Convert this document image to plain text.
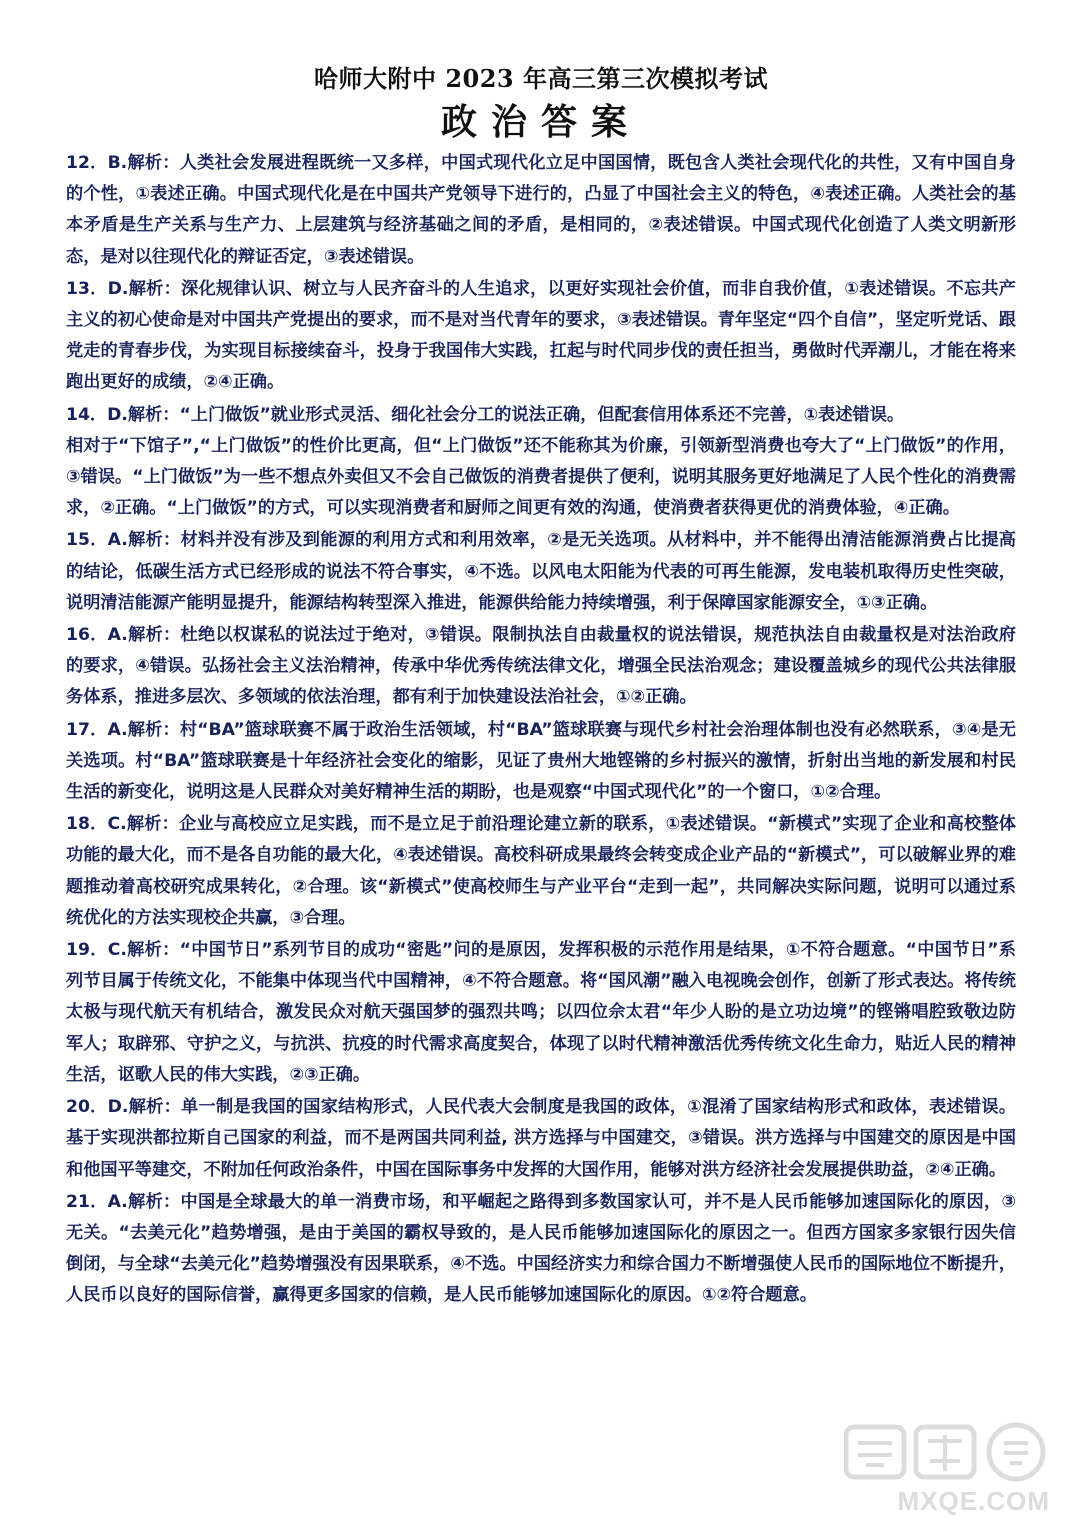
哈师大附中 2023 年高三第三次模拟考试
政治答案

12．B.解析：人类社会发展进程既统一又多样，中国式现代化立足中国国情，既包含人类社会现代化的共性，又有中国自身的个性，①表述正确。中国式现代化是在中国共产党领导下进行的，凸显了中国社会主义的特色，④表述正确。人类社会的基本矛盾是生产关系与生产力、上层建筑与经济基础之间的矛盾，是相同的，②表述错误。中国式现代化创造了人类文明新形态，是对以往现代化的辩证否定，③表述错误。

13．D.解析：深化规律认识、树立与人民齐奋斗的人生追求，以更好实现社会价值，而非自我价值，①表述错误。不忘共产主义的初心使命是对中国共产党提出的要求，而不是对当代青年的要求，③表述错误。青年坚定“四个自信”，坚定听党话、跟党走的青春步伐，为实现目标接续奋斗，投身于我国伟大实践，扛起与时代同步伐的责任担当，勇做时代弄潮儿，才能在将来跑出更好的成绩，②④正确。

14．D.解析：“上门做饭”就业形式灵活、细化社会分工的说法正确，但配套信用体系还不完善，①表述错误。

相对于“下馆子”,“上门做饭”的性价比更高，但“上门做饭”还不能称其为价廉，引领新型消费也夸大了“上门做饭”的作用，③错误。“上门做饭”为一些不想点外卖但又不会自己做饭的消费者提供了便利，说明其服务更好地满足了人民个性化的消费需求，②正确。“上门做饭”的方式，可以实现消费者和厨师之间更有效的沟通，使消费者获得更优的消费体验，④正确。

15．A.解析：材料并没有涉及到能源的利用方式和利用效率，②是无关选项。从材料中，并不能得出清洁能源消费占比提高的结论，低碳生活方式已经形成的说法不符合事实，④不选。以风电太阳能为代表的可再生能源，发电装机取得历史性突破，说明清洁能源产能明显提升，能源结构转型深入推进，能源供给能力持续增强，利于保障国家能源安全，①③正确。

16．A.解析：杜绝以权谋私的说法过于绝对，③错误。限制执法自由裁量权的说法错误，规范执法自由裁量权是对法治政府的要求，④错误。弘扬社会主义法治精神，传承中华优秀传统法律文化，增强全民法治观念；建设覆盖城乡的现代公共法律服务体系，推进多层次、多领域的依法治理，都有利于加快建设法治社会，①②正确。

17．A.解析：村“BA”篮球联赛不属于政治生活领域，村“BA”篮球联赛与现代乡村社会治理体制也没有必然联系，③④是无关选项。村“BA”篮球联赛是十年经济社会变化的缩影，见证了贵州大地铿锵的乡村振兴的激情，折射出当地的新发展和村民生活的新变化，说明这是人民群众对美好精神生活的期盼，也是观察“中国式现代化”的一个窗口，①②合理。

18．C.解析：企业与高校应立足实践，而不是立足于前沿理论建立新的联系，①表述错误。“新模式”实现了企业和高校整体功能的最大化，而不是各自功能的最大化，④表述错误。高校科研成果最终会转变成企业产品的“新模式”，可以破解业界的难题推动着高校研究成果转化，②合理。该“新模式”使高校师生与产业平台“走到一起”，共同解决实际问题，说明可以通过系统优化的方法实现校企共赢，③合理。

19．C.解析：“中国节日”系列节目的成功“密匙”问的是原因，发挥积极的示范作用是结果，①不符合题意。“中国节日”系列节目属于传统文化，不能集中体现当代中国精神，④不符合题意。将“国风潮”融入电视晚会创作，创新了形式表达。将传统太极与现代航天有机结合，激发民众对航天强国梦的强烈共鸣；以四位佘太君“年少人盼的是立功边境”的铿锵唱腔致敬边防军人；取辟邪、守护之义，与抗洪、抗疫的时代需求高度契合，体现了以时代精神激活优秀传统文化生命力，贴近人民的精神生活，讴歌人民的伟大实践，②③正确。

20．D.解析：单一制是我国的国家结构形式，人民代表大会制度是我国的政体，①混淆了国家结构形式和政体，表述错误。基于实现洪都拉斯自己国家的利益，而不是两国共同利益, 洪方选择与中国建交，③错误。洪方选择与中国建交的原因是中国和他国平等建交，不附加任何政治条件，中国在国际事务中发挥的大国作用，能够对洪方经济社会发展提供助益，②④正确。

21．A.解析：中国是全球最大的单一消费市场，和平崛起之路得到多数国家认可，并不是人民币能够加速国际化的原因，③无关。“去美元化”趋势增强，是由于美国的霸权导致的，是人民币能够加速国际化的原因之一。但西方国家多家银行因失信倒闭，与全球“去美元化”趋势增强没有因果联系，④不选。中国经济实力和综合国力不断增强使人民币的国际地位不断提升，人民币以良好的国际信誉，赢得更多国家的信赖，是人民币能够加速国际化的原因。①②符合题意。

MXQE.COM
